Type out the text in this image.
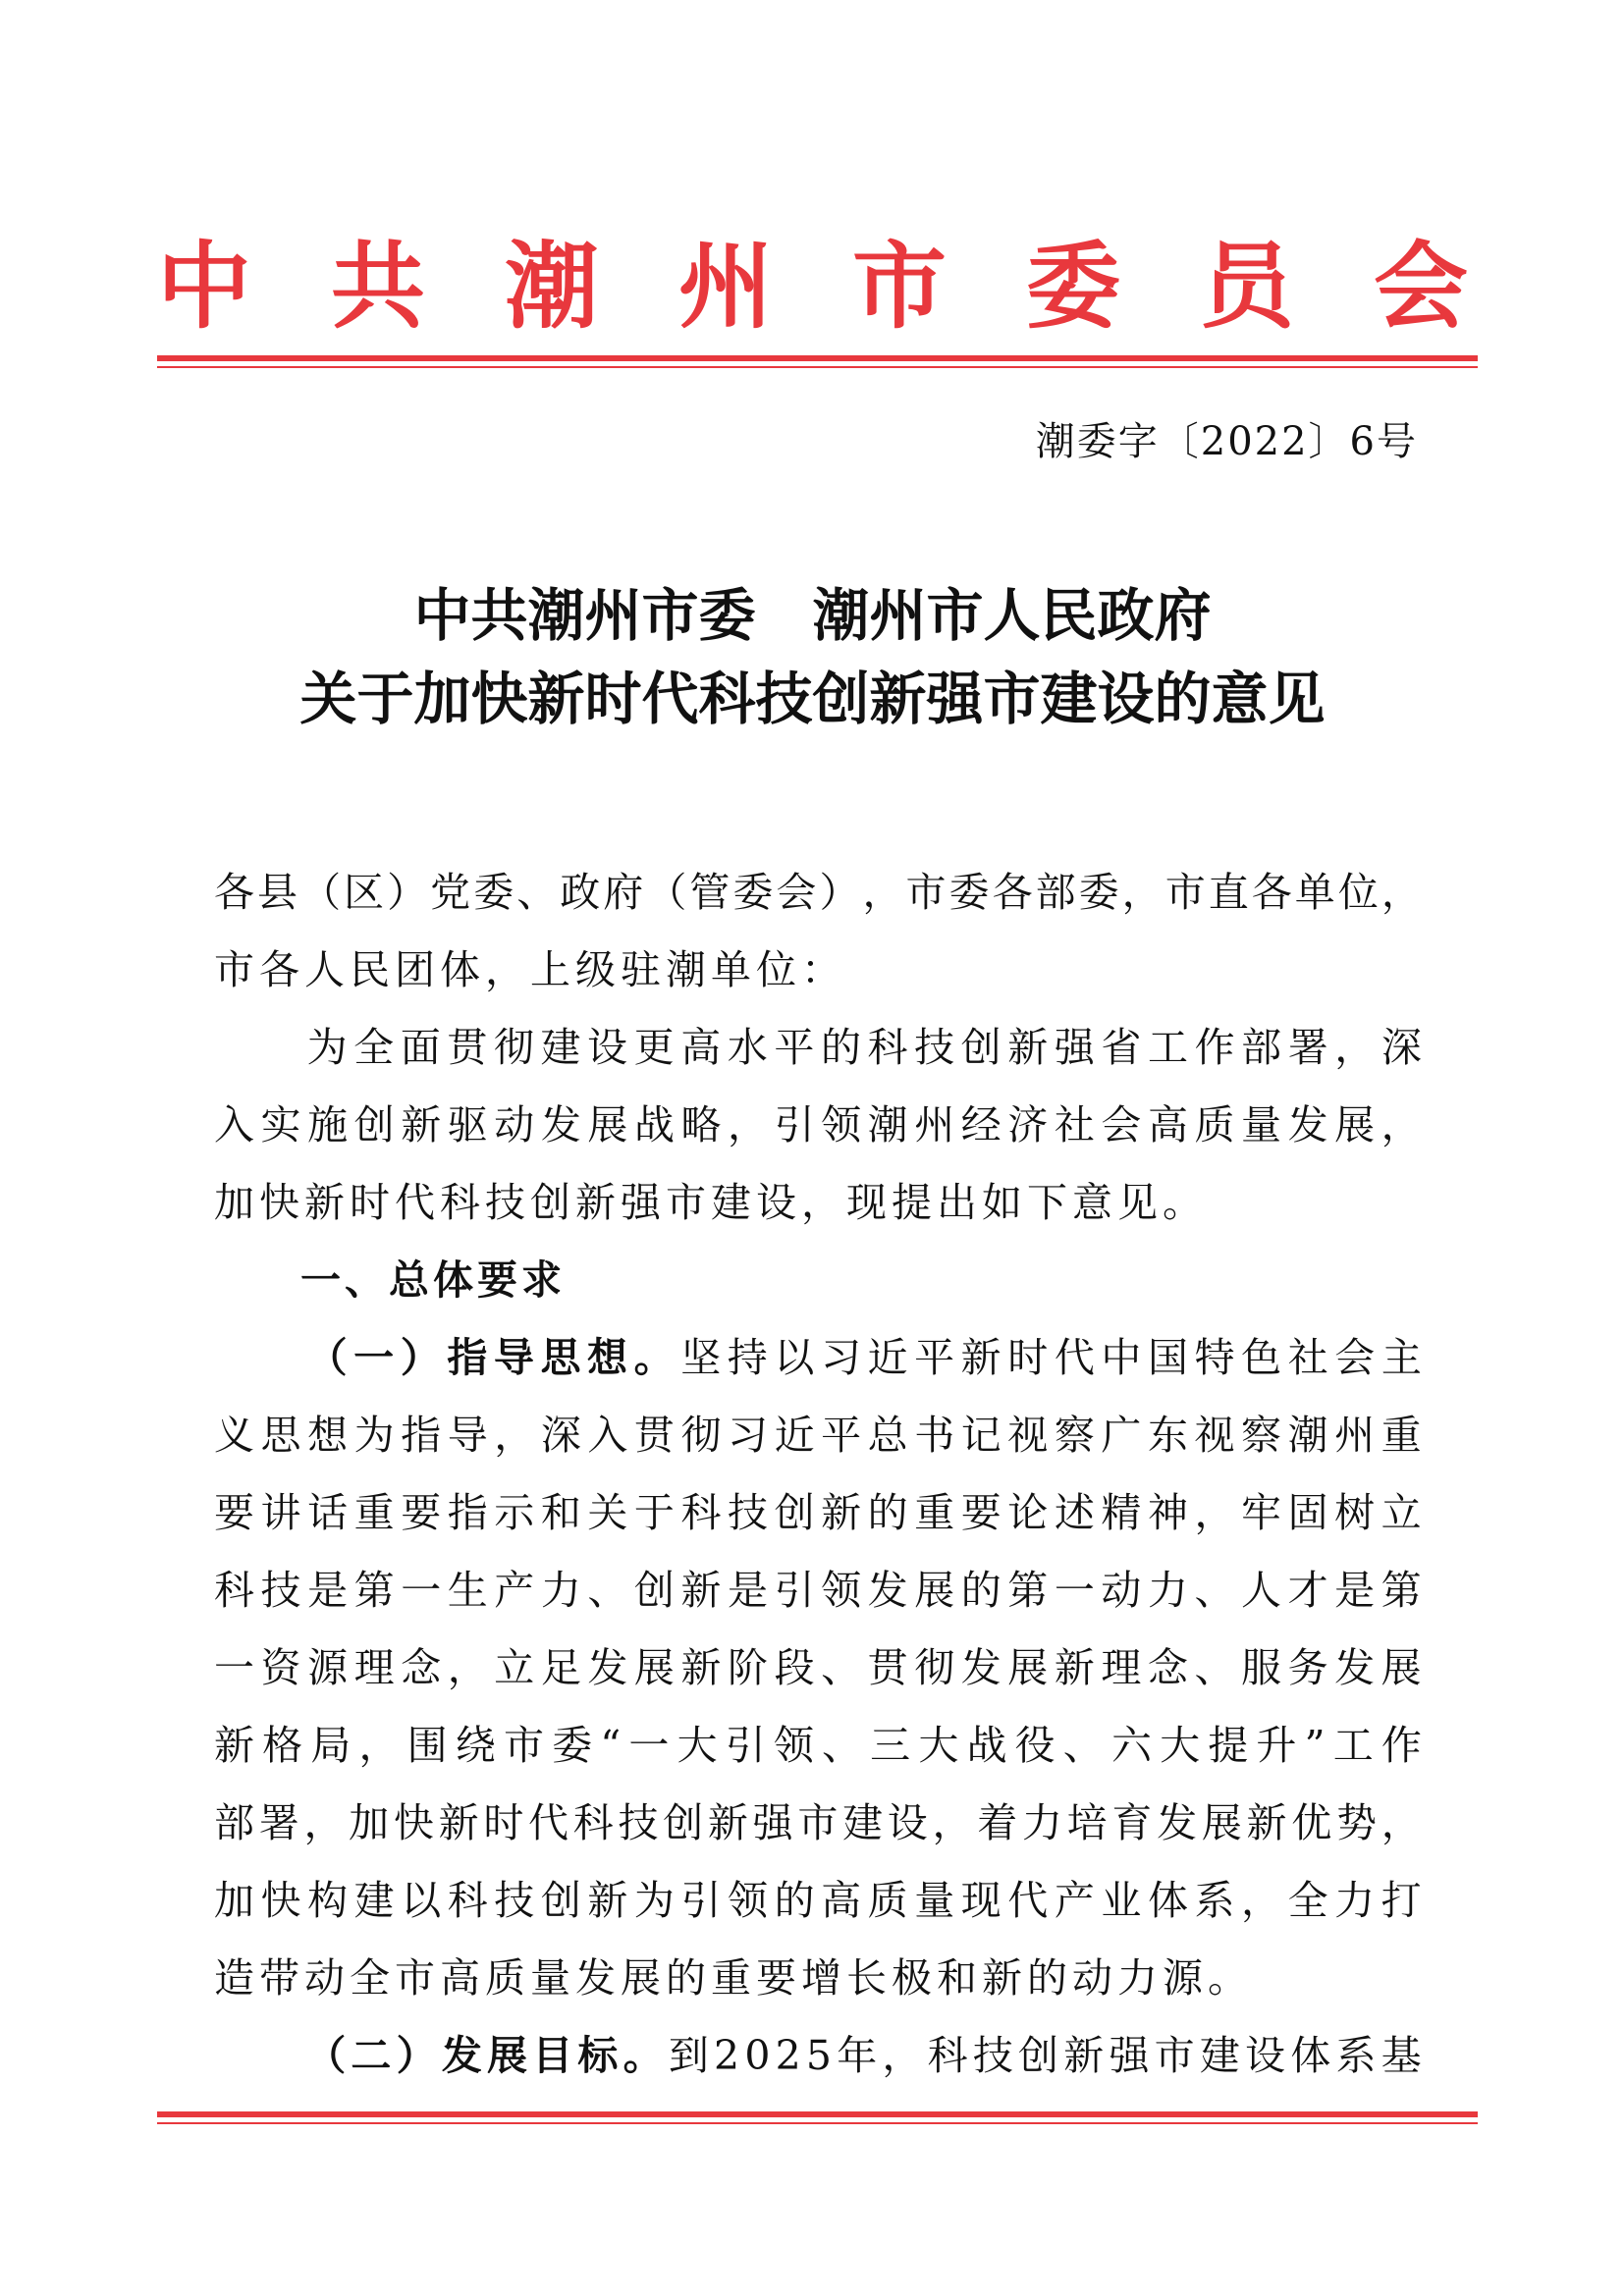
中 共 潮 州 市 委 员 会
潮委字〔2022〕6号
中共潮州市委　潮州市人民政府
关于加快新时代科技创新强市建设的意见
各 县 （ 区 ） 党 委 、 政 府 （ 管 委 会 ） ， 市 委 各 部 委 ， 市 直 各 单 位 ，
市各人民团体，上级驻潮单位：
为 全 面 贯 彻 建 设 更 高 水 平 的 科 技 创 新 强 省 工 作 部 署 ， 深
入 实 施 创 新 驱 动 发 展 战 略 ， 引 领 潮 州 经 济 社 会 高 质 量 发 展 ，
加快新时代科技创新强市建设，现提出如下意见。
一、总体要求
（ 一 ） 指 导 思 想 。 坚 持 以 习 近 平 新 时 代 中 国 特 色 社 会 主
义 思 想 为 指 导 ， 深 入 贯 彻 习 近 平 总 书 记 视 察 广 东 视 察 潮 州 重
要 讲 话 重 要 指 示 和 关 于 科 技 创 新 的 重 要 论 述 精 神 ， 牢 固 树 立
科 技 是 第 一 生 产 力 、 创 新 是 引 领 发 展 的 第 一 动 力 、 人 才 是 第
一 资 源 理 念 ， 立 足 发 展 新 阶 段 、 贯 彻 发 展 新 理 念 、 服 务 发 展
新 格 局 ， 围 绕 市 委 “ 一 大 引 领 、 三 大 战 役 、 六 大 提 升 ” 工 作
部 署 ， 加 快 新 时 代 科 技 创 新 强 市 建 设 ， 着 力 培 育 发 展 新 优 势 ，
加 快 构 建 以 科 技 创 新 为 引 领 的 高 质 量 现 代 产 业 体 系 ， 全 力 打
造带动全市高质量发展的重要增长极和新的动力源。
（ 二 ） 发 展 目 标 。 到 2 0 2 5 年 ， 科 技 创 新 强 市 建 设 体 系 基
